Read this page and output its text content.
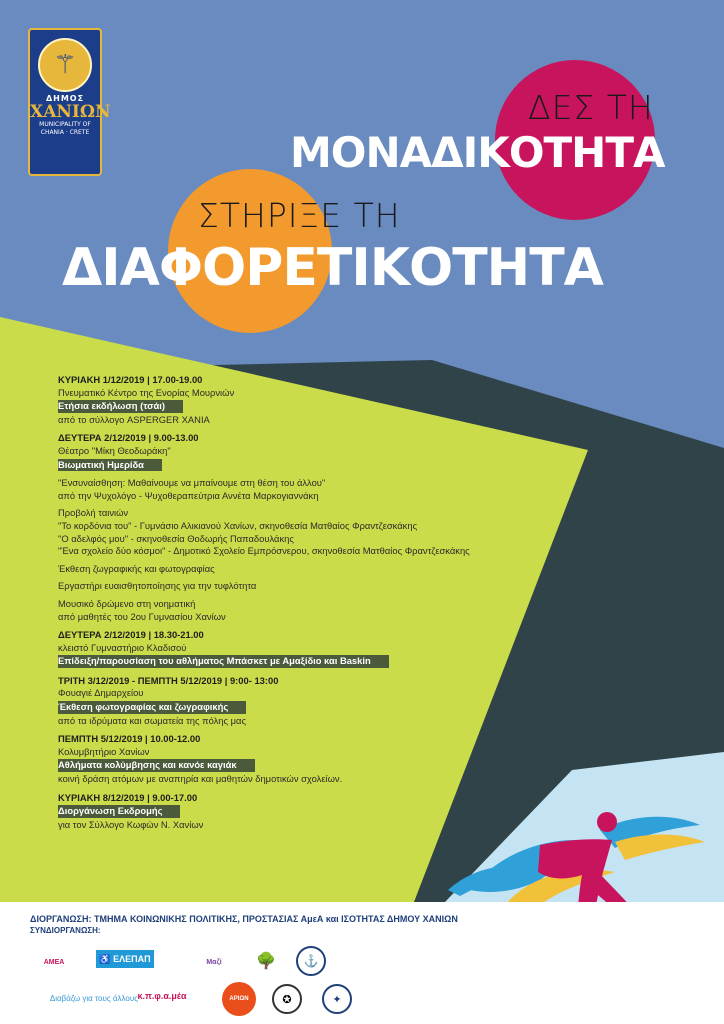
⚚
ΔΗΜΟΣ
ΧΑΝΙΩΝ
MUNICIPALITY OF
CHANIA · CRETE
ΔΕΣ ΤΗ
ΜΟΝΑΔΙΚΟΤΗΤΑ
ΣΤΗΡΙΞΕ ΤΗ
ΔΙΑΦΟΡΕΤΙΚΟΤΗΤΑ
ΚΥΡΙΑΚΗ 1/12/2019 | 17.00-19.00
Πνευματικό Κέντρο της Ενορίας Μουρνιών
Ετήσια εκδήλωση (τσάι)
από το σύλλογο ASPERGER ΧΑΝΙΑ
ΔΕΥΤΕΡΑ 2/12/2019 | 9.00-13.00
Θέατρο "Μίκη Θεοδωράκη"
Βιωματική Ημερίδα
"Ενσυναίσθηση: Μαθαίνουμε να μπαίνουμε στη θέση του άλλου"
από την Ψυχολόγο - Ψυχοθεραπεύτρια Αννέτα Μαρκογιαννάκη
Προβολή ταινιών
"Το κορδόνια του" - Γυμνάσιο Αλικιανού Χανίων, σκηνοθεσία Ματθαίος Φραντζεσκάκης
"Ο αδελφός μου" - σκηνοθεσία Θοδωρής Παπαδουλάκης
"Ένα σχολείο δύο κόσμοι" - Δημοτικό Σχολείο Εμπρόσνερου, σκηνοθεσία Ματθαίος Φραντζεσκάκης
Έκθεση ζωγραφικής και φωτογραφίας
Εργαστήρι ευαισθητοποίησης για την τυφλότητα
Μουσικό δρώμενο στη νοηματική
από μαθητές του 2ου Γυμνασίου Χανίων
ΔΕΥΤΕΡΑ 2/12/2019 | 18.30-21.00
κλειστό Γυμναστήριο Κλαδισού
Επίδειξη/παρουσίαση του αθλήματος Μπάσκετ με Αμαξίδιο και Baskin
ΤΡΙΤΗ 3/12/2019 - ΠΕΜΠΤΗ 5/12/2019 | 9:00- 13:00
Φουαγιέ Δημαρχείου
Έκθεση φωτογραφίας και ζωγραφικής
από τα ιδρύματα και σωματεία της πόλης μας
ΠΕΜΠΤΗ 5/12/2019 | 10.00-12.00
Κολυμβητήριο Χανίων
Αθλήματα κολύμβησης και κανόε καγιάκ
κοινή δράση ατόμων με αναπηρία και μαθητών δημοτικών σχολείων.
ΚΥΡΙΑΚΗ 8/12/2019 | 9.00-17.00
Διοργάνωση Εκδρομής
για τον Σύλλογο Κωφών Ν. Χανίων
ΔΙΟΡΓΑΝΩΣΗ: ΤΜΗΜΑ ΚΟΙΝΩΝΙΚΗΣ ΠΟΛΙΤΙΚΗΣ, ΠΡΟΣΤΑΣΙΑΣ ΑμεΑ και ΙΣΟΤΗΤΑΣ ΔΗΜΟΥ ΧΑΝΙΩΝ
ΣΥΝΔΙΟΡΓΑΝΩΣΗ:
ΑΜΕΑ	♿
ΕΛΕΠΑΠ	Μαζί 🌳	⚓
Διαβάζω για τους άλλους κ.π.φ.α.μέα	ΑΡΙΩΝ	✪	✦
